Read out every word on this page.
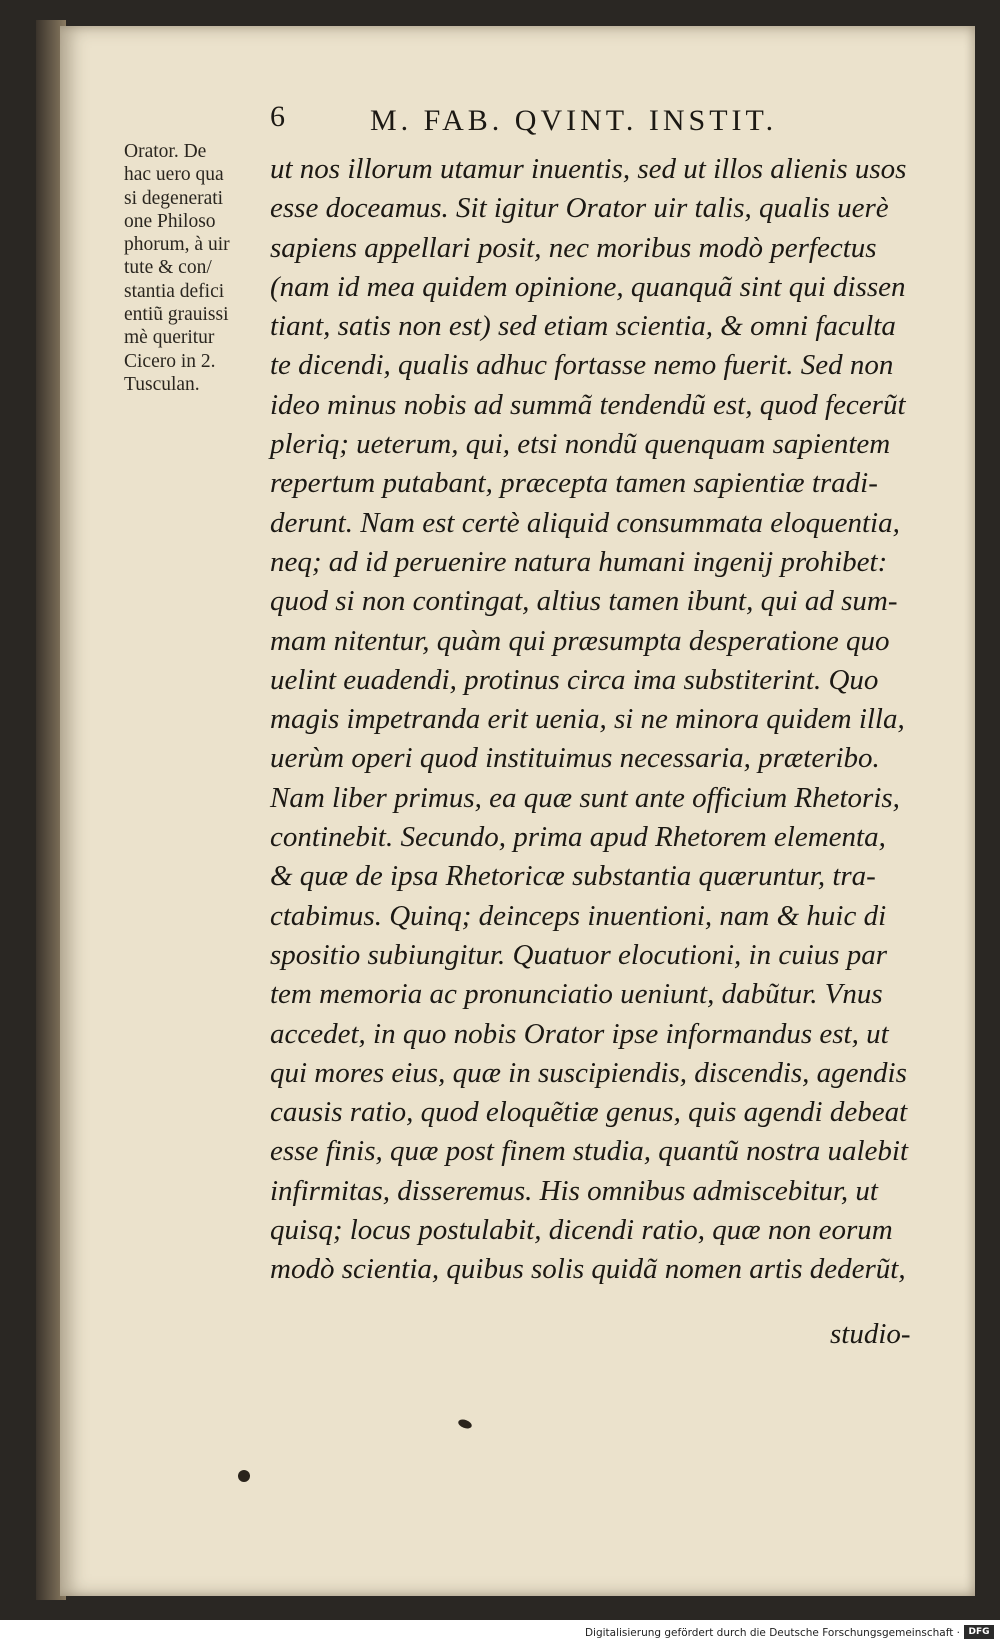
6	M. FAB. QVINT. INSTIT.
Orator. De
hac uero qua
si degenerati
one Philoso
phorum, à uir
tute & con/
stantia defici
entiũ grauissi
mè queritur
Cicero in 2.
Tusculan.
ut nos illorum utamur inuentis, sed ut illos alienis usos
esse doceamus. Sit igitur Orator uir talis, qualis uerè
sapiens appellari posit, nec moribus modò perfectus
(nam id mea quidem opinione, quanquã sint qui dissen
tiant, satis non est) sed etiam scientia, & omni faculta
te dicendi, qualis adhuc fortasse nemo fuerit. Sed non
ideo minus nobis ad summã tendendũ est, quod fecerũt
pleriq; ueterum, qui, etsi nondũ quenquam sapientem
repertum putabant, præcepta tamen sapientiæ tradi-
derunt. Nam est certè aliquid consummata eloquentia,
neq; ad id peruenire natura humani ingenij prohibet:
quod si non contingat, altius tamen ibunt, qui ad sum-
mam nitentur, quàm qui præsumpta desperatione quo
uelint euadendi, protinus circa ima substiterint. Quo
magis impetranda erit uenia, si ne minora quidem illa,
uerùm operi quod instituimus necessaria, præteribo.
Nam liber primus, ea quæ sunt ante officium Rhetoris,
continebit. Secundo, prima apud Rhetorem elementa,
& quæ de ipsa Rhetoricæ substantia quæruntur, tra-
ctabimus. Quinq; deinceps inuentioni, nam & huic di
spositio subiungitur. Quatuor elocutioni, in cuius par
tem memoria ac pronunciatio ueniunt, dabũtur. Vnus
accedet, in quo nobis Orator ipse informandus est, ut
qui mores eius, quæ in suscipiendis, discendis, agendis
causis ratio, quod eloquẽtiæ genus, quis agendi debeat
esse finis, quæ post finem studia, quantũ nostra ualebit
infirmitas, disseremus. His omnibus admiscebitur, ut
quisq; locus postulabit, dicendi ratio, quæ non eorum
modò scientia, quibus solis quidã nomen artis dederũt,
studio-
Digitalisierung gefördert durch die Deutsche Forschungsgemeinschaft · DFG
